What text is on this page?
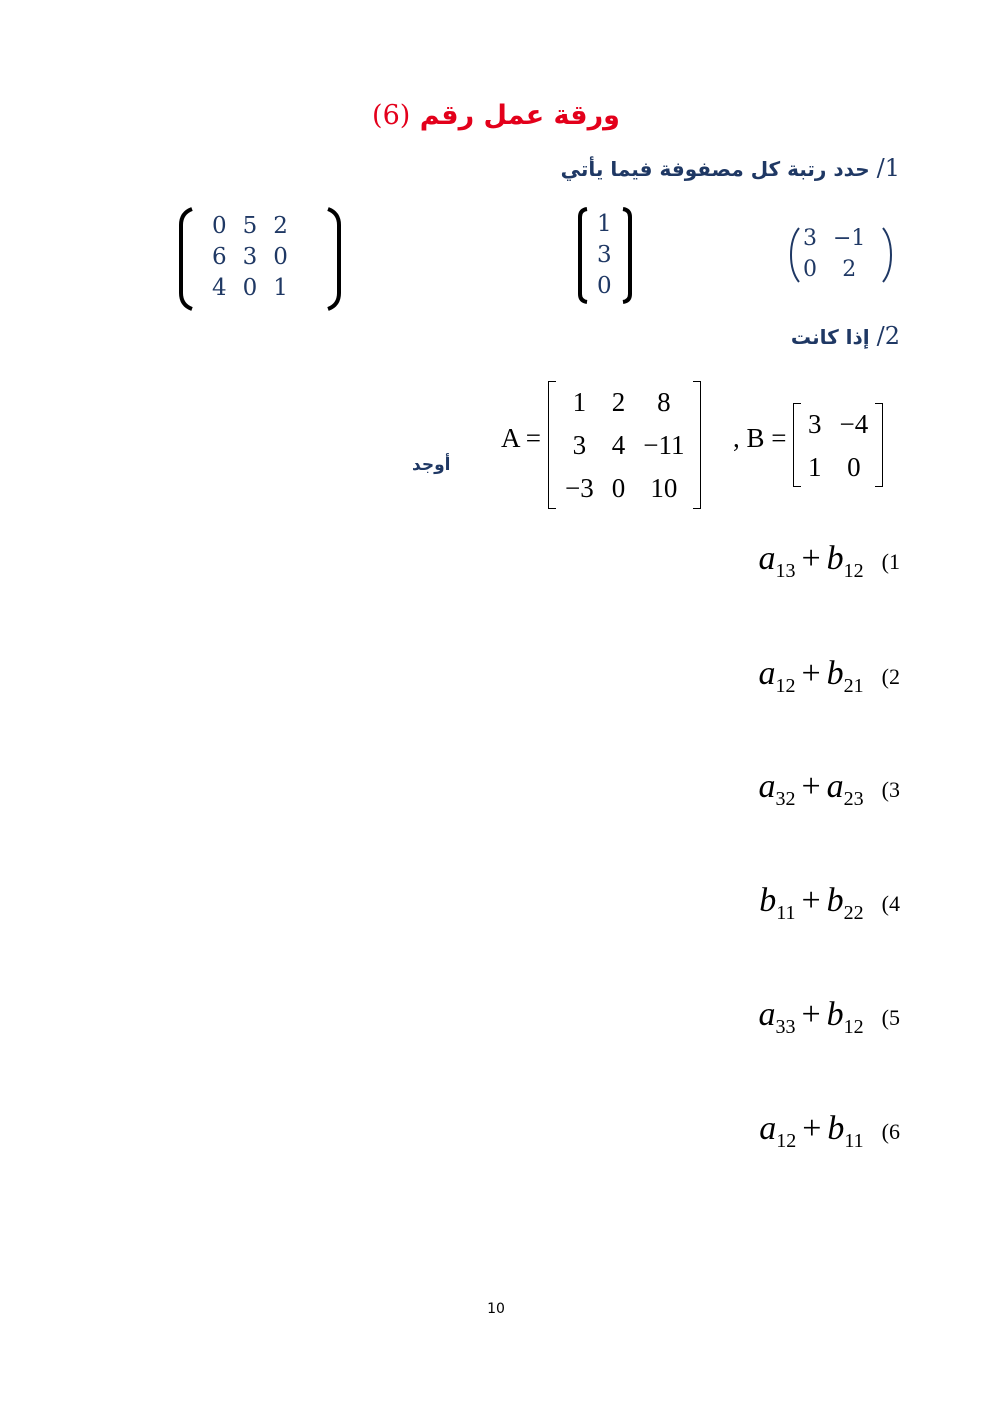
ورقة عمل رقم (6)
1/ حدد رتبة كل مصفوفة فيما يأتي
0	5	2
6	3	0
4	0	1
1
3
0
3	−1
0	2
2/ إذا كانت
أوجد
A =
1	2	8
3	4	−11
−3	0	10
, B = 3	−4
1	0
1) $a_{13} + b_{12}$
2) $a_{12} + b_{21}$
3) $a_{32} + a_{23}$
4) $b_{11} + b_{22}$
5) $a_{33} + b_{12}$
6) $a_{12} + b_{11}$
10
